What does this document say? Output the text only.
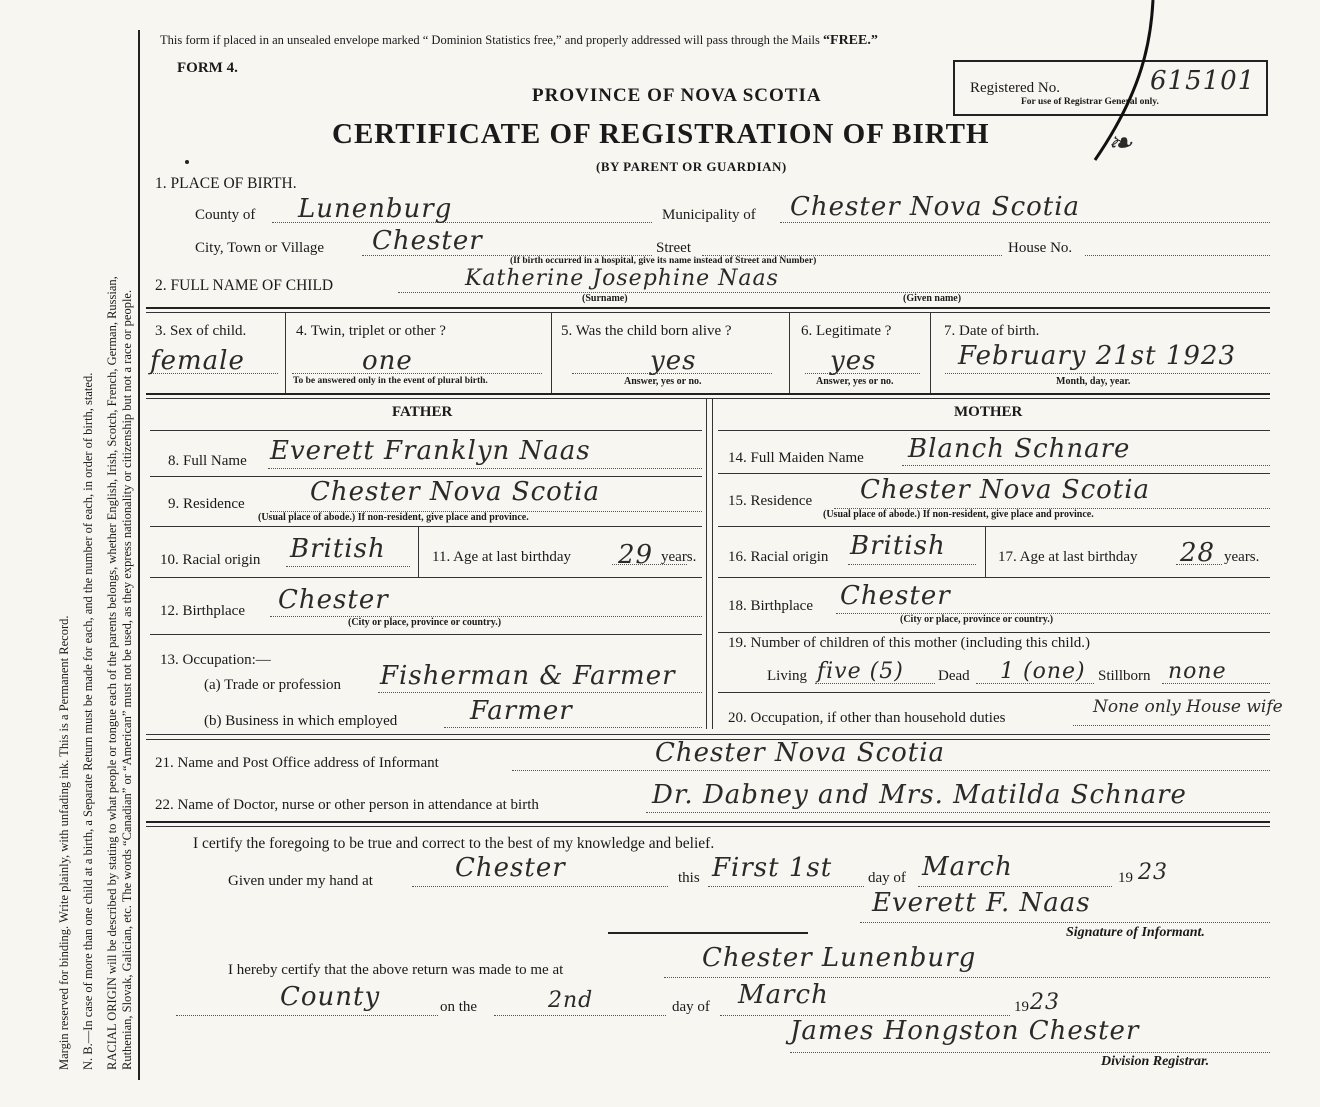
Margin reserved for binding. Write plainly, with unfading ink. This is a Permanent Record. N. B.—In case of more than one child at a birth, a Separate Return must be made for each, and the number of each, in order of birth, stated. RACIAL ORIGIN will be described by stating to what people or tongue each of the parents belongs, whether English, Irish, Scotch, French, German, Russian, Ruthenian, Slovak, Galician, etc. The words “Canadian” or “American” must not be used, as they express nationality or citizenship but not a race or people.
This form if placed in an unsealed envelope marked “ Dominion Statistics free,” and properly addressed will pass through the Mails “FREE.”
FORM 4.
PROVINCE OF NOVA SCOTIA
CERTIFICATE OF REGISTRATION OF BIRTH
(BY PARENT OR GUARDIAN)
Registered No.	615101
For use of Registrar General only.
❧
1. PLACE OF BIRTH.
County of Lunenburg	Municipality of Chester Nova Scotia
City, Town or Village Chester	Street
(If birth occurred in a hospital, give its name instead of Street and Number)
House No.
2. FULL NAME OF CHILD	Katherine Josephine Naas
(Surname)	(Given name)
3. Sex of child.
female
4. Twin, triplet or other ?
one
To be answered only in the event of plural birth.
5. Was the child born alive ?
yes
Answer, yes or no.
6. Legitimate ?
yes
Answer, yes or no.
7. Date of birth.
February 21st 1923
Month, day, year.
FATHER
8. Full Name Everett Franklyn Naas
9. Residence	Chester Nova Scotia
(Usual place of abode.) If non-resident, give place and province.
10. Racial origin British	11. Age at last birthday 29 years.
12. Birthplace Chester
(City or place, province or country.)
13. Occupation:—
(a) Trade or profession Fisherman & Farmer
(b) Business in which employed	Farmer
MOTHER
14. Full Maiden Name Blanch Schnare
15. Residence Chester Nova Scotia
(Usual place of abode.) If non-resident, give place and province.
16. Racial origin British	17. Age at last birthday 28 years.
18. Birthplace Chester
(City or place, province or country.)
19. Number of children of this mother (including this child.)
Living five (5) Dead 1 (one) Stillborn none
20. Occupation, if other than household duties
None only House wife
21. Name and Post Office address of Informant	Chester Nova Scotia
22. Name of Doctor, nurse or other person in attendance at birth	Dr. Dabney and Mrs. Matilda Schnare
I certify the foregoing to be true and correct to the best of my knowledge and belief.
Given under my hand at	Chester	this First 1st day of March	19 23
Everett F. Naas
Signature of Informant.
I hereby certify that the above return was made to me at	Chester Lunenburg
County	on the	2nd	day of March	19 23
James Hongston Chester
Division Registrar.
